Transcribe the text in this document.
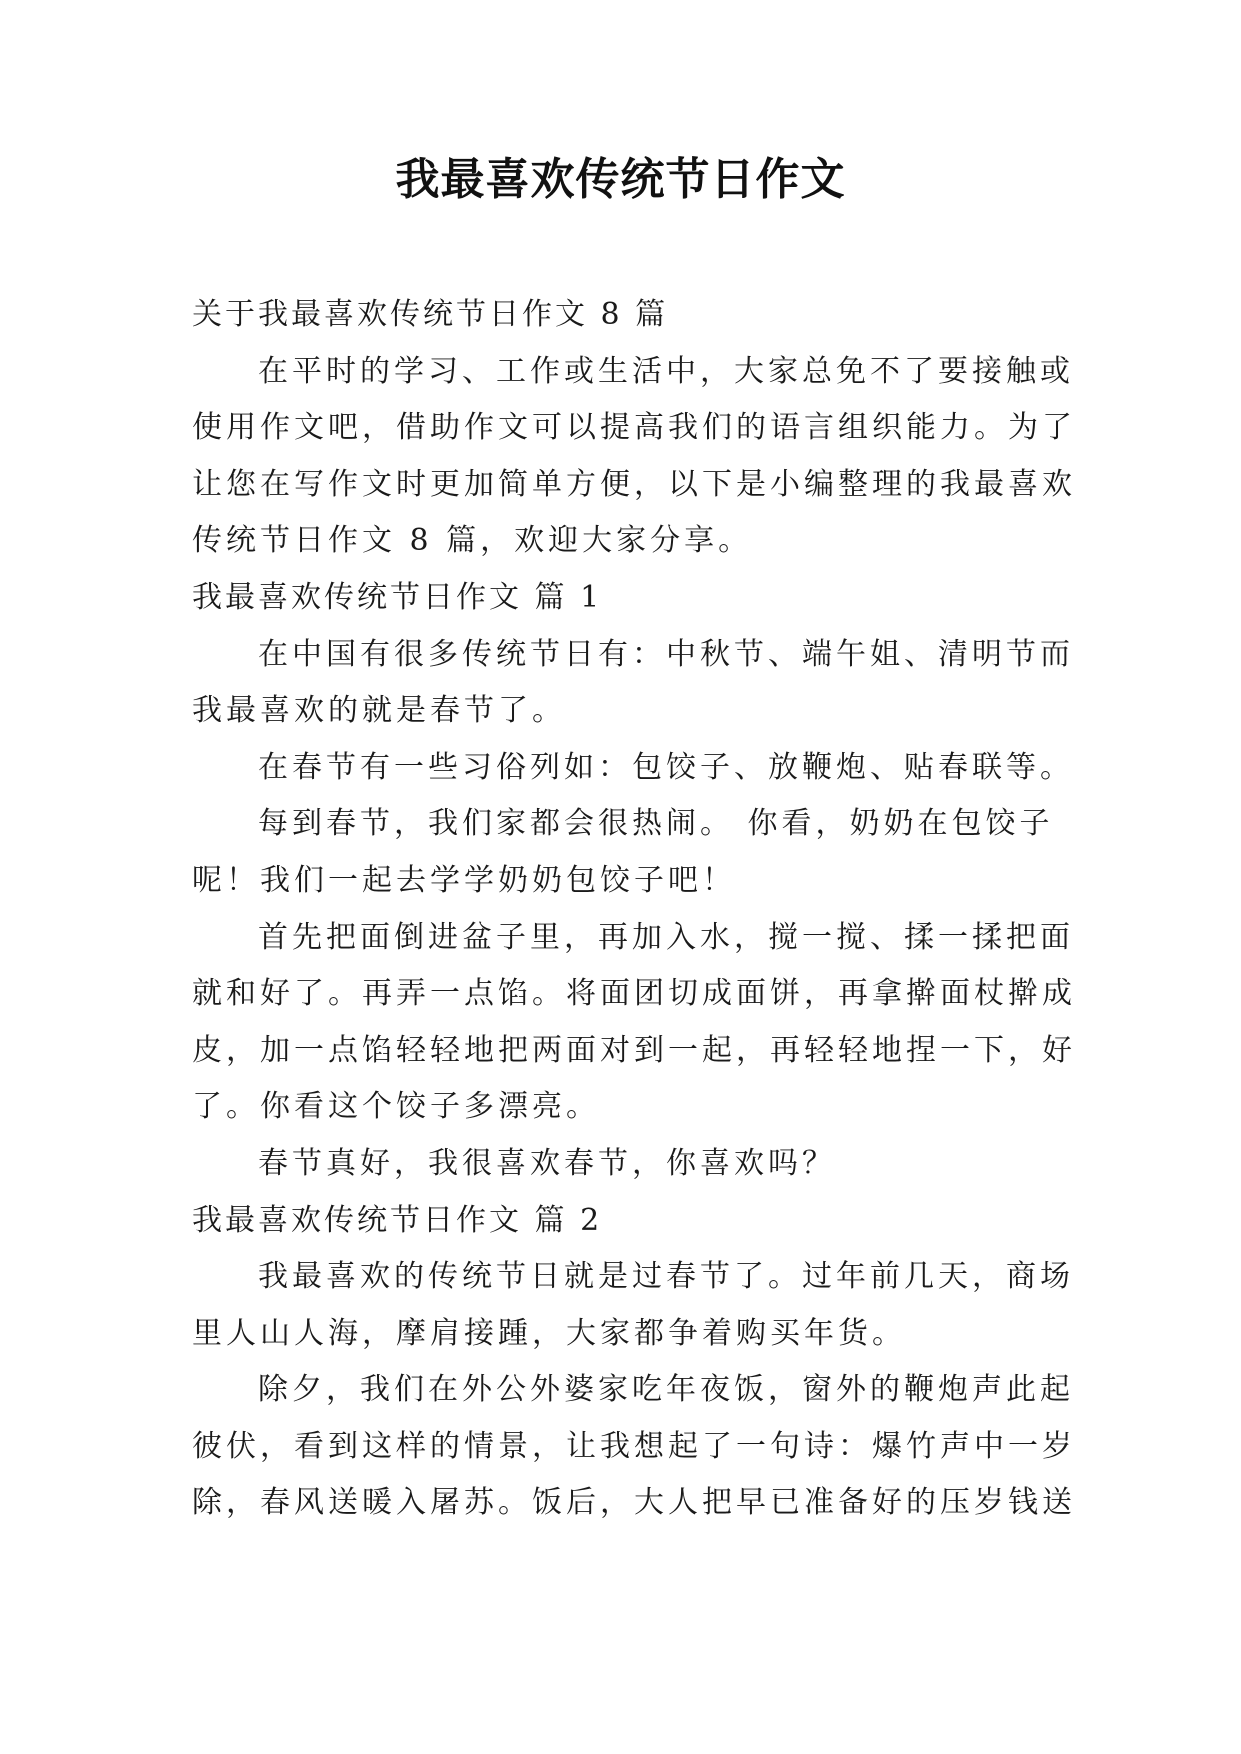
我最喜欢传统节日作文

关于我最喜欢传统节日作文 8 篇

在平时的学习、工作或生活中，大家总免不了要接触或

使用作文吧，借助作文可以提高我们的语言组织能力。为了

让您在写作文时更加简单方便，以下是小编整理的我最喜欢

传统节日作文 8 篇，欢迎大家分享。

我最喜欢传统节日作文 篇 1

在中国有很多传统节日有：中秋节、端午姐、清明节而

我最喜欢的就是春节了。

在春节有一些习俗列如：包饺子、放鞭炮、贴春联等。

每到春节，我们家都会很热闹。 你看，奶奶在包饺子

呢！我们一起去学学奶奶包饺子吧！

首先把面倒进盆子里，再加入水，搅一搅、揉一揉把面

就和好了。再弄一点馅。将面团切成面饼，再拿擀面杖擀成

皮，加一点馅轻轻地把两面对到一起，再轻轻地捏一下，好

了。你看这个饺子多漂亮。

春节真好，我很喜欢春节，你喜欢吗？

我最喜欢传统节日作文 篇 2

我最喜欢的传统节日就是过春节了。过年前几天，商场

里人山人海，摩肩接踵，大家都争着购买年货。

除夕，我们在外公外婆家吃年夜饭，窗外的鞭炮声此起

彼伏，看到这样的情景，让我想起了一句诗：爆竹声中一岁

除，春风送暖入屠苏。饭后，大人把早已准备好的压岁钱送
